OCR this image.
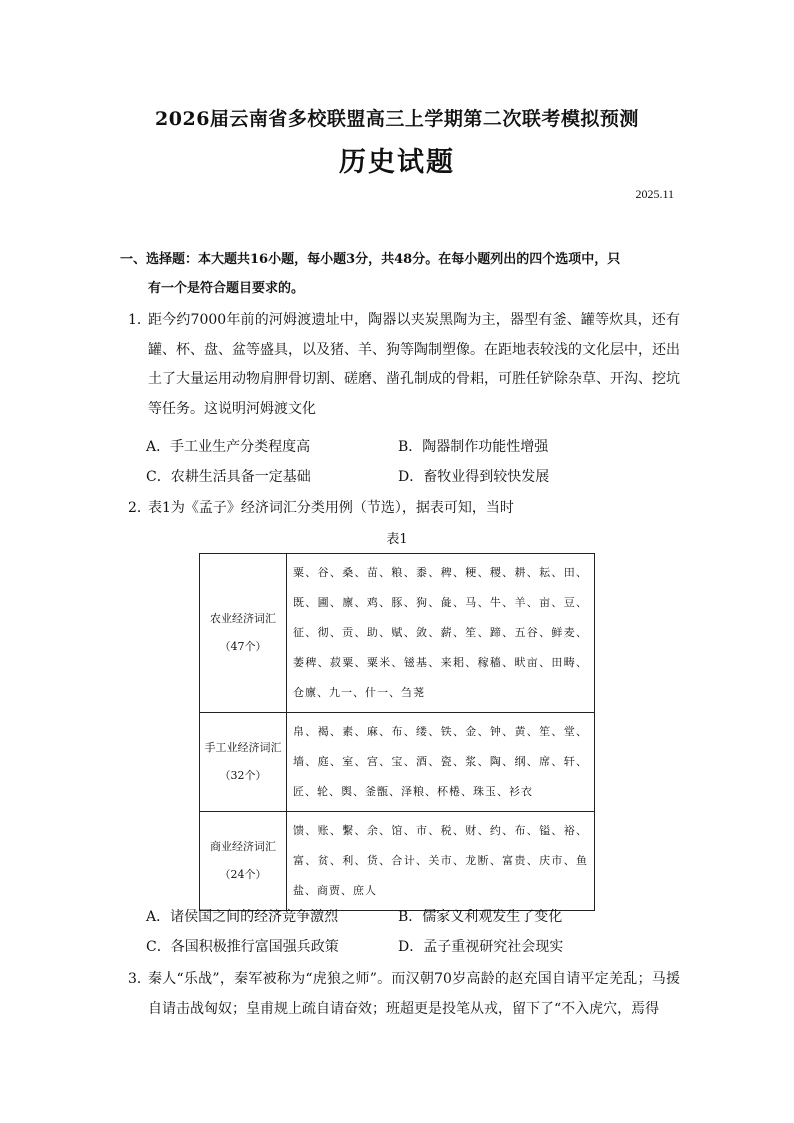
2026届云南省多校联盟高三上学期第二次联考模拟预测
历史试题
2025.11
一、选择题：本大题共16小题，每小题3分，共48分。在每小题列出的四个选项中，只
有一个是符合题目要求的。
1．
距今约7000年前的河姆渡遗址中，陶器以夹炭黑陶为主，器型有釜、罐等炊具，还有罐、杯、盘、盆等盛具，以及猪、羊、狗等陶制塑像。在距地表较浅的文化层中，还出土了大量运用动物肩胛骨切割、磋磨、凿孔制成的骨耜，可胜任铲除杂草、开沟、挖坑等任务。这说明河姆渡文化
A．手工业生产分类程度高	B．陶器制作功能性增强
C．农耕生活具备一定基础	D．畜牧业得到较快发展
2．
表1为《孟子》经济词汇分类用例（节选），据表可知，当时
表1
农业经济词汇（47个）	粟、谷、桑、苗、粮、黍、稗、粳、稷、耕、耘、田、既、圃、廪、鸡、豚、狗、彘、马、牛、羊、亩、豆、征、彻、贡、助、赋、敛、薪、笙、蹄、五谷、鲜麦、萎稗、菽粟、粟米、镃基、来耜、稼穑、畎亩、田畴、仓廪、九一、什一、刍荛
手工业经济词汇（32个）	帛、褐、素、麻、布、缕、铁、金、钟、黄、笙、堂、墙、庭、室、宫、宝、酒、瓷、浆、陶、纲、席、轩、匠、轮、舆、釜甑、泽粮、杯棬、珠玉、衫衣
商业经济词汇（24个）	馈、账、繫、余、馆、市、税、财、约、布、镒、裕、富、贫、利、货、合计、关市、龙断、富贵、庆市、鱼盐、商贾、庶人
A．诸侯国之间的经济竞争激烈	B．儒家义利观发生了变化
C．各国积极推行富国强兵政策	D．孟子重视研究社会现实
3．
秦人“乐战”，秦军被称为“虎狼之师”。而汉朝70岁高龄的赵充国自请平定羌乱；马援自请击战匈奴；皇甫规上疏自请奋效；班超更是投笔从戎，留下了“不入虎穴，焉得
